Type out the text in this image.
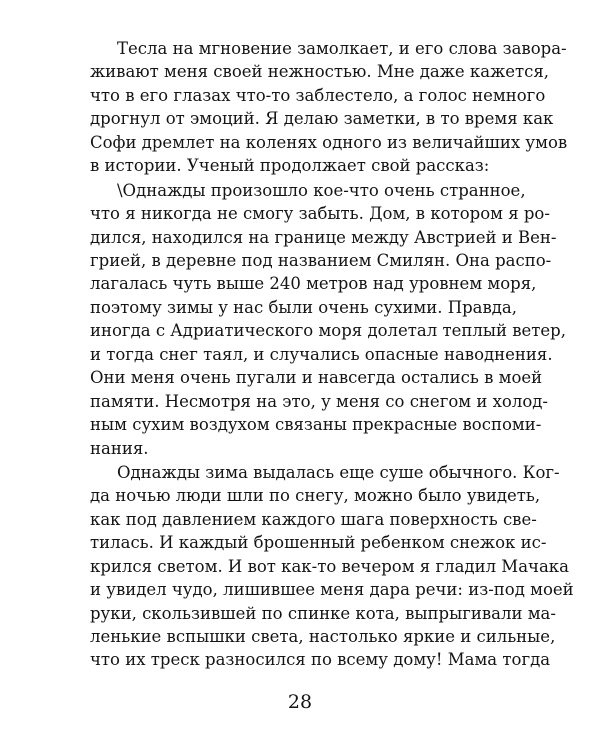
Тесла на мгновение замолкает, и его слова завора-
живают меня своей нежностью. Мне даже кажется,
что в его глазах что-то заблестело, а голос немного
дрогнул от эмоций. Я делаю заметки, в то время как
Софи дремлет на коленях одного из величайших умов
в истории. Ученый продолжает свой рассказ:
\Однажды произошло кое-что очень странное,
что я никогда не смогу забыть. Дом, в котором я ро-
дился, находился на границе между Австрией и Вен-
грией, в деревне под названием Смилян. Она распо-
лагалась чуть выше 240 метров над уровнем моря,
поэтому зимы у нас были очень сухими. Правда,
иногда с Адриатического моря долетал теплый ветер,
и тогда снег таял, и случались опасные наводнения.
Они меня очень пугали и навсегда остались в моей
памяти. Несмотря на это, у меня со снегом и холод-
ным сухим воздухом связаны прекрасные воспоми-
нания.
Однажды зима выдалась еще суше обычного. Ког-
да ночью люди шли по снегу, можно было увидеть,
как под давлением каждого шага поверхность све-
тилась. И каждый брошенный ребенком снежок ис-
крился светом. И вот как-то вечером я гладил Мачака
и увидел чудо, лишившее меня дара речи: из-под моей
руки, скользившей по спинке кота, выпрыгивали ма-
ленькие вспышки света, настолько яркие и сильные,
что их треск разносился по всему дому! Мама тогда
28
